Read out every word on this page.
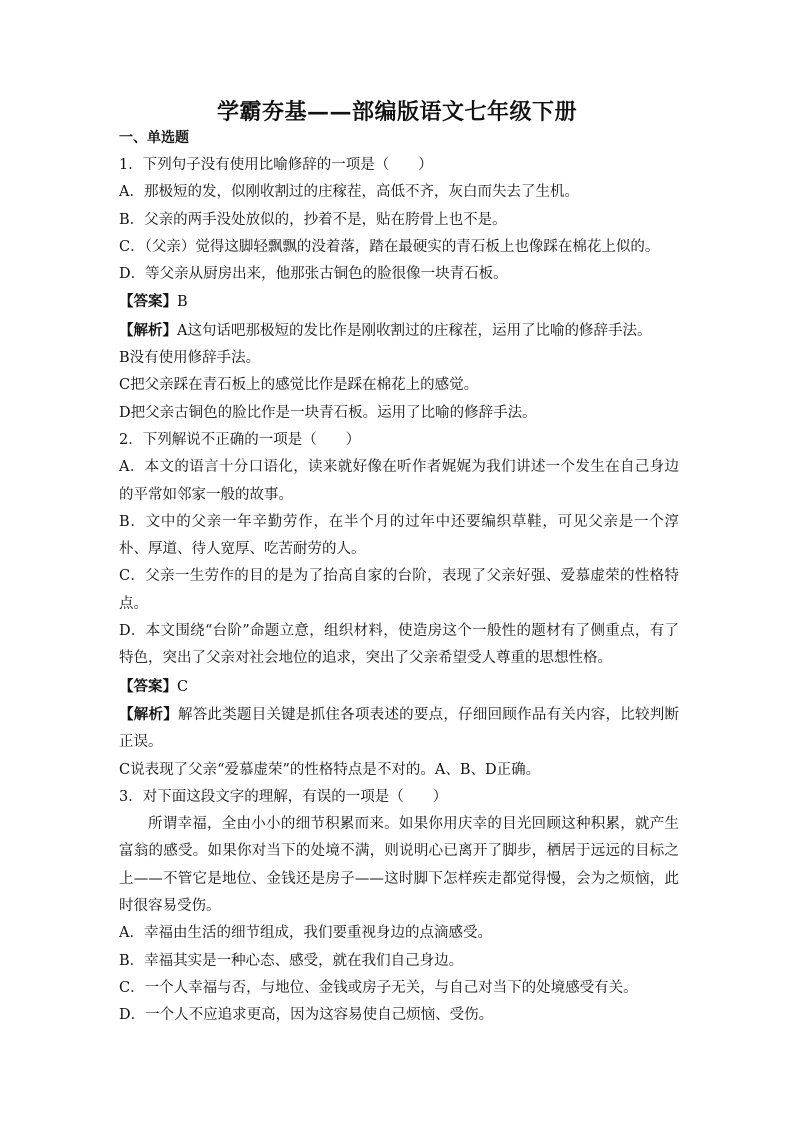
学霸夯基——部编版语文七年级下册
一、单选题

1．下列句子没有使用比喻修辞的一项是（　　）

A．那极短的发，似刚收割过的庄稼茬，高低不齐，灰白而失去了生机。

B．父亲的两手没处放似的，抄着不是，贴在胯骨上也不是。

C．（父亲）觉得这脚轻飘飘的没着落，踏在最硬实的青石板上也像踩在棉花上似的。

D．等父亲从厨房出来，他那张古铜色的脸很像一块青石板。

【答案】B

【解析】A这句话吧那极短的发比作是刚收割过的庄稼茬，运用了比喻的修辞手法。

B没有使用修辞手法。

C把父亲踩在青石板上的感觉比作是踩在棉花上的感觉。

D把父亲古铜色的脸比作是一块青石板。运用了比喻的修辞手法。

2．下列解说不正确的一项是（　　）

A．本文的语言十分口语化，读来就好像在听作者娓娓为我们讲述一个发生在自己身边的平常如邻家一般的故事。

B．文中的父亲一年辛勤劳作，在半个月的过年中还要编织草鞋，可见父亲是一个淳朴、厚道、待人宽厚、吃苦耐劳的人。

C．父亲一生劳作的目的是为了抬高自家的台阶，表现了父亲好强、爱慕虚荣的性格特点。

D．本文围绕“台阶”命题立意，组织材料，使造房这个一般性的题材有了侧重点，有了特色，突出了父亲对社会地位的追求，突出了父亲希望受人尊重的思想性格。

【答案】C

【解析】解答此类题目关键是抓住各项表述的要点，仔细回顾作品有关内容，比较判断正误。

C说表现了父亲“爱慕虚荣”的性格特点是不对的。A、B、D正确。

3．对下面这段文字的理解，有误的一项是（　　）

所谓幸福，全由小小的细节积累而来。如果你用庆幸的目光回顾这种积累，就产生富翁的感受。如果你对当下的处境不满，则说明心已离开了脚步，栖居于远远的目标之上——不管它是地位、金钱还是房子——这时脚下怎样疾走都觉得慢，会为之烦恼，此时很容易受伤。

A．幸福由生活的细节组成，我们要重视身边的点滴感受。

B．幸福其实是一种心态、感受，就在我们自己身边。

C．一个人幸福与否，与地位、金钱或房子无关，与自己对当下的处境感受有关。

D．一个人不应追求更高，因为这容易使自己烦恼、受伤。
